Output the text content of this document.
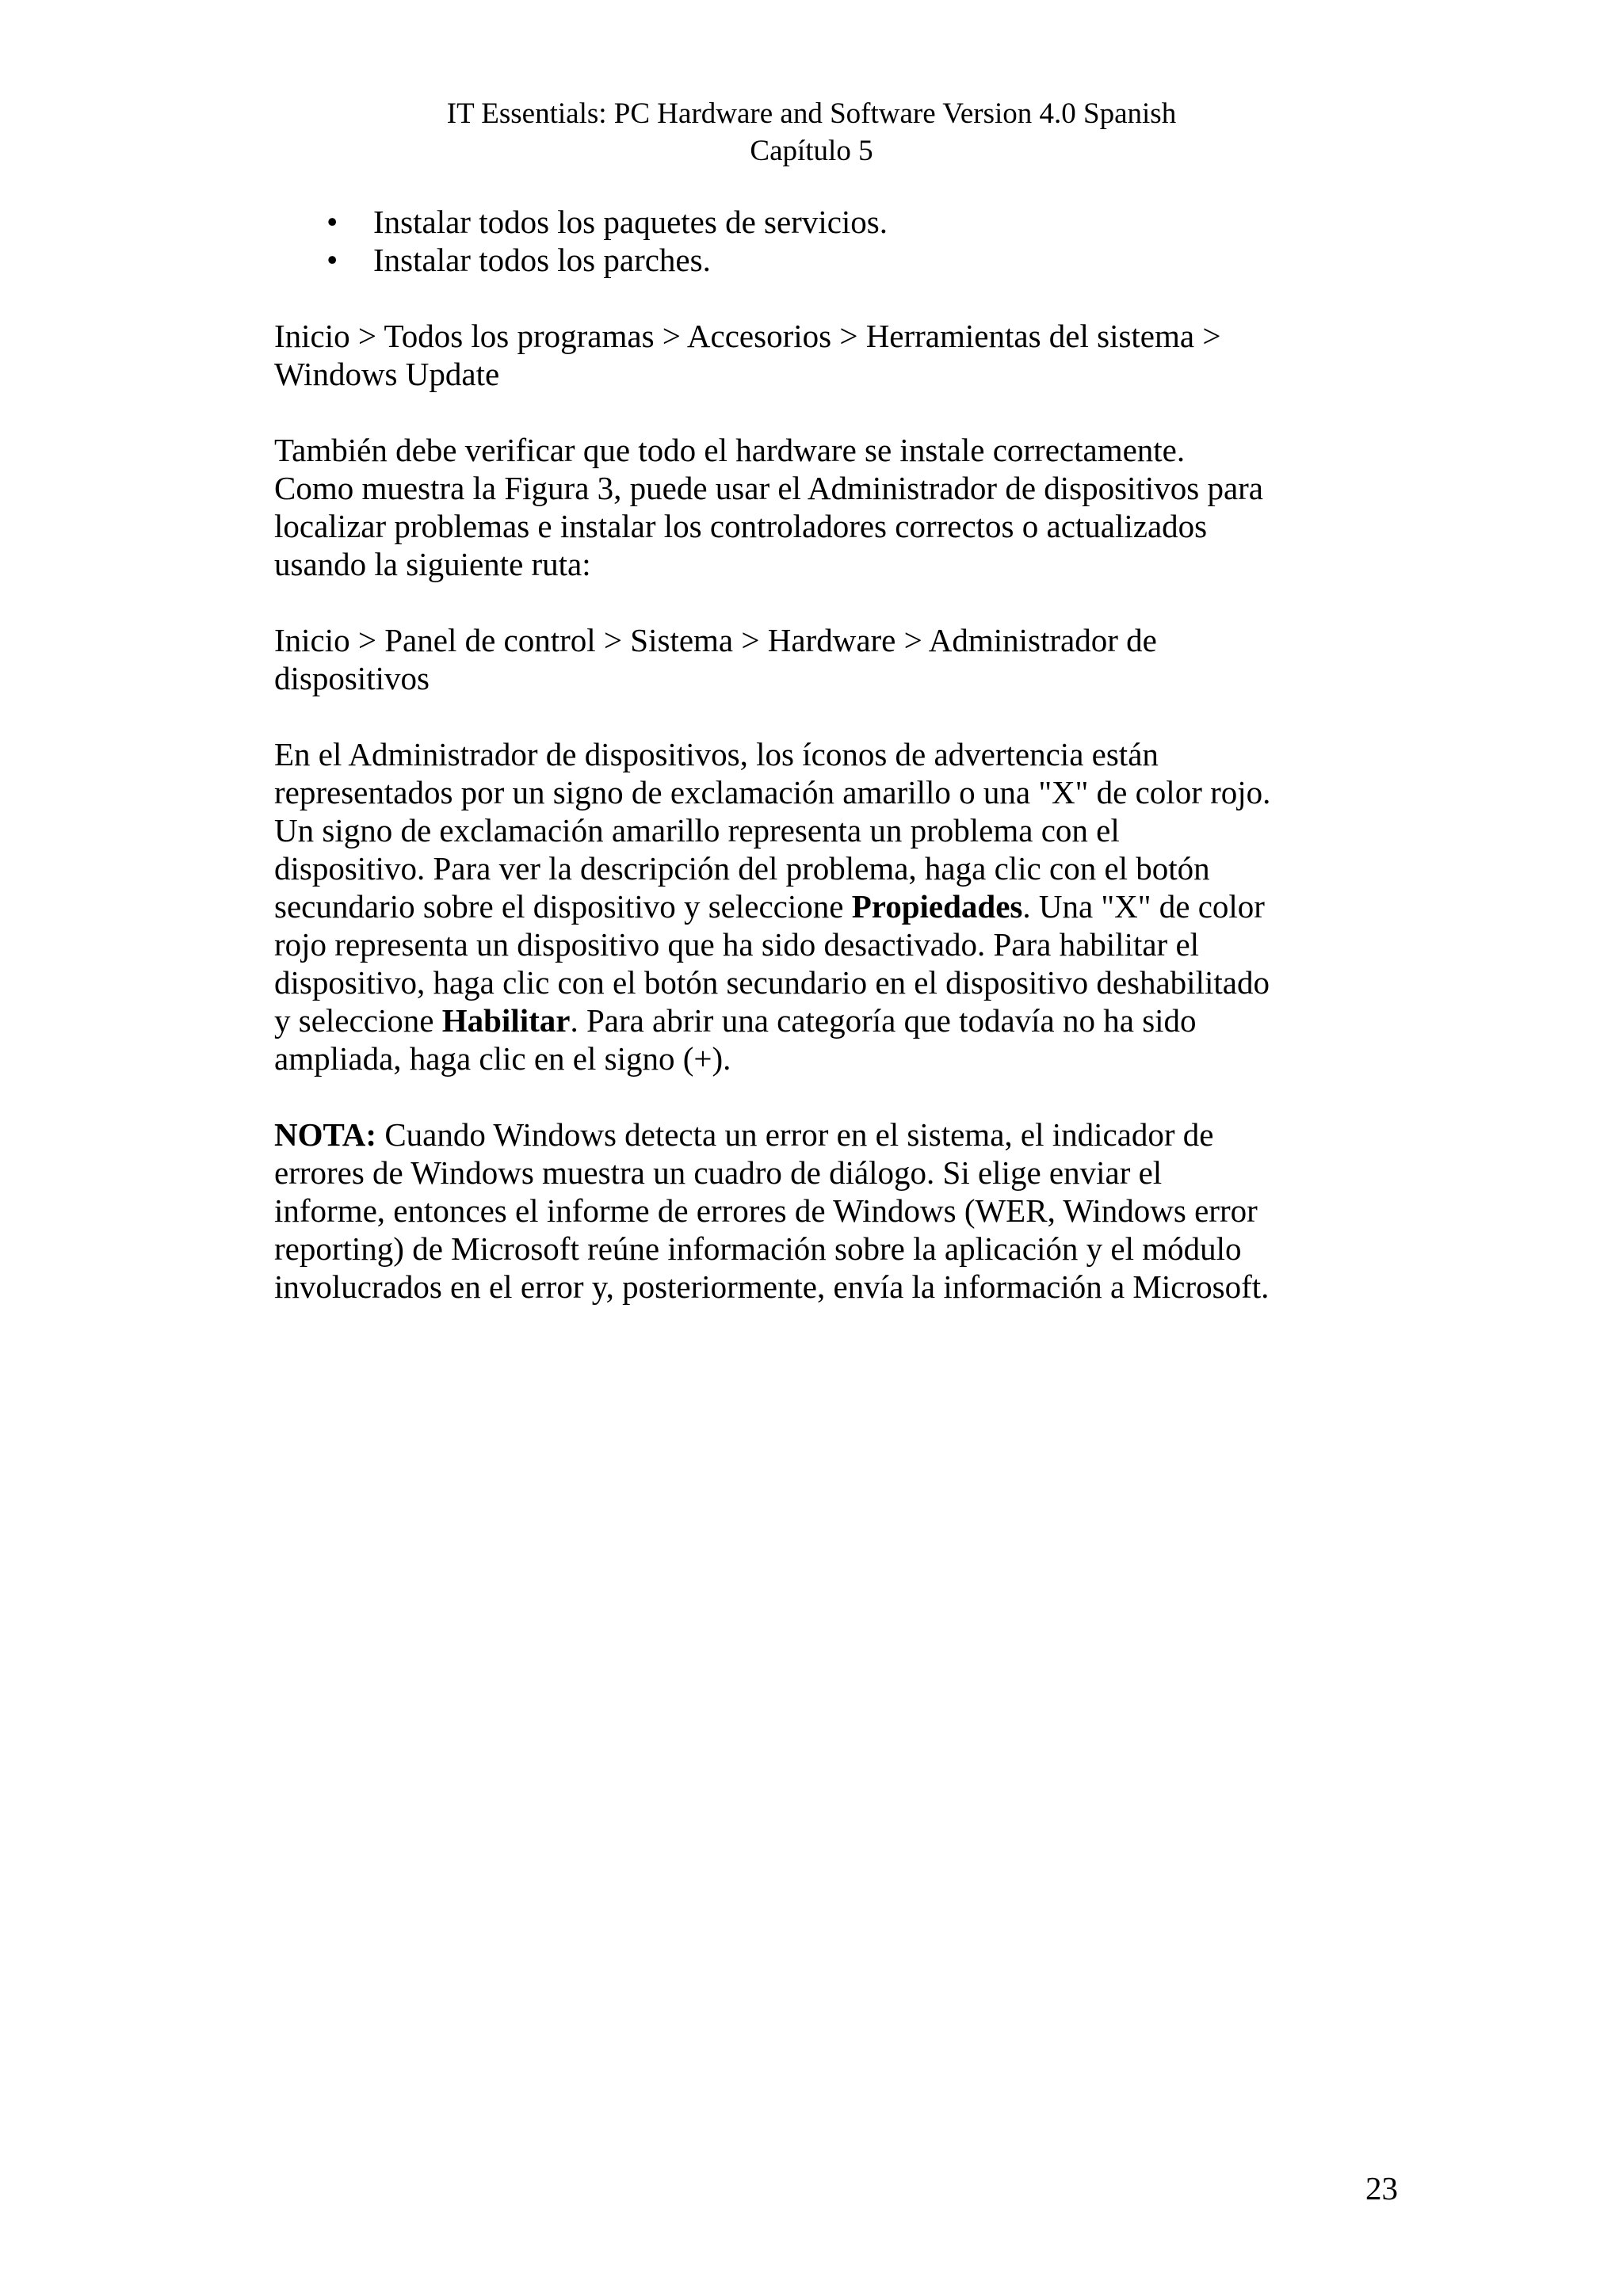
IT Essentials: PC Hardware and Software Version 4.0 Spanish
Capítulo 5
• Instalar todos los paquetes de servicios.
• Instalar todos los parches.
Inicio > Todos los programas > Accesorios > Herramientas del sistema >
Windows Update
También debe verificar que todo el hardware se instale correctamente.
Como muestra la Figura 3, puede usar el Administrador de dispositivos para
localizar problemas e instalar los controladores correctos o actualizados
usando la siguiente ruta:
Inicio > Panel de control > Sistema > Hardware > Administrador de
dispositivos
En el Administrador de dispositivos, los íconos de advertencia están
representados por un signo de exclamación amarillo o una "X" de color rojo.
Un signo de exclamación amarillo representa un problema con el
dispositivo. Para ver la descripción del problema, haga clic con el botón
secundario sobre el dispositivo y seleccione Propiedades. Una "X" de color
rojo representa un dispositivo que ha sido desactivado. Para habilitar el
dispositivo, haga clic con el botón secundario en el dispositivo deshabilitado
y seleccione Habilitar. Para abrir una categoría que todavía no ha sido
ampliada, haga clic en el signo (+).
NOTA: Cuando Windows detecta un error en el sistema, el indicador de
errores de Windows muestra un cuadro de diálogo. Si elige enviar el
informe, entonces el informe de errores de Windows (WER, Windows error
reporting) de Microsoft reúne información sobre la aplicación y el módulo
involucrados en el error y, posteriormente, envía la información a Microsoft.
23
